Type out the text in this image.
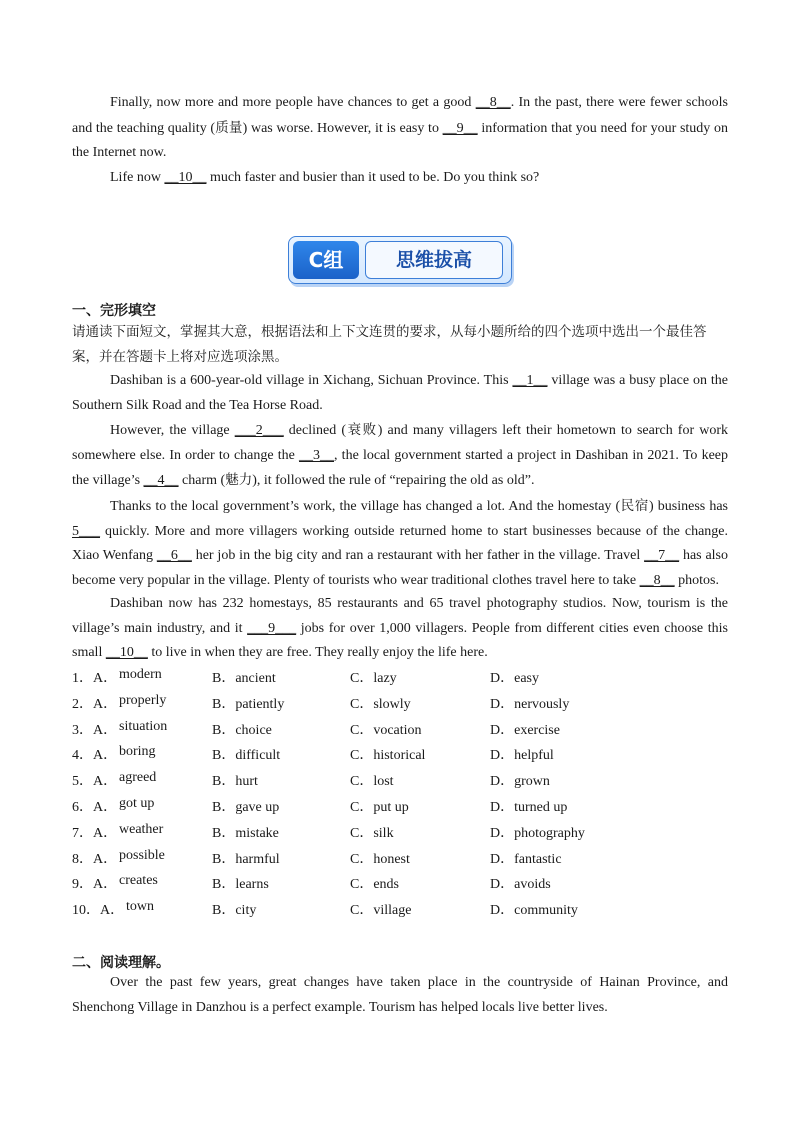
Finally, now more and more people have chances to get a good __8__. In the past, there were fewer schools and the teaching quality (质量) was worse. However, it is easy to __9__ information that you need for your study on the Internet now.

Life now __10__ much faster and busier than it used to be. Do you think so?

C组	思维拔高

一、完形填空

请通读下面短文，掌握其大意，根据语法和上下文连贯的要求，从每小题所给的四个选项中选出一个最佳答案，并在答题卡上将对应选项涂黑。

Dashiban is a 600-year-old village in Xichang, Sichuan Province. This __1__ village was a busy place on the Southern Silk Road and the Tea Horse Road.

However, the village ___2___ declined (衰败) and many villagers left their hometown to search for work somewhere else. In order to change the __3__, the local government started a project in Dashiban in 2021. To keep the village’s __4__ charm (魅力), it followed the rule of “repairing the old as old”.

Thanks to the local government’s work, the village has changed a lot. And the homestay (民宿) business has 5___ quickly. More and more villagers working outside returned home to start businesses because of the change. Xiao Wenfang __6__ her job in the big city and ran a restaurant with her father in the village. Travel __7__ has also become very popular in the village. Plenty of tourists who wear traditional clothes travel here to take __8__ photos.

Dashiban now has 232 homestays, 85 restaurants and 65 travel photography studios. Now, tourism is the village’s main industry, and it ___9___ jobs for over 1,000 villagers. People from different cities even choose this small __10__ to live in when they are free. They really enjoy the life here.

1．A． modern	B．ancient	C．lazy	D．easy
2．A． properly	B．patiently	C．slowly	D．nervously
3．A． situation	B．choice	C．vocation	D．exercise
4．A． boring	B．difficult	C．historical	D．helpful
5．A． agreed	B．hurt	C．lost	D．grown
6．A． got up	B．gave up	C．put up	D．turned up
7．A． weather	B．mistake	C．silk	D．photography
8．A． possible	B．harmful	C．honest	D．fantastic
9．A． creates	B．learns	C．ends	D．avoids
10．A． town	B．city	C．village	D．community

二、阅读理解。

Over the past few years, great changes have taken place in the countryside of Hainan Province, and Shenchong Village in Danzhou is a perfect example. Tourism has helped locals live better lives.
